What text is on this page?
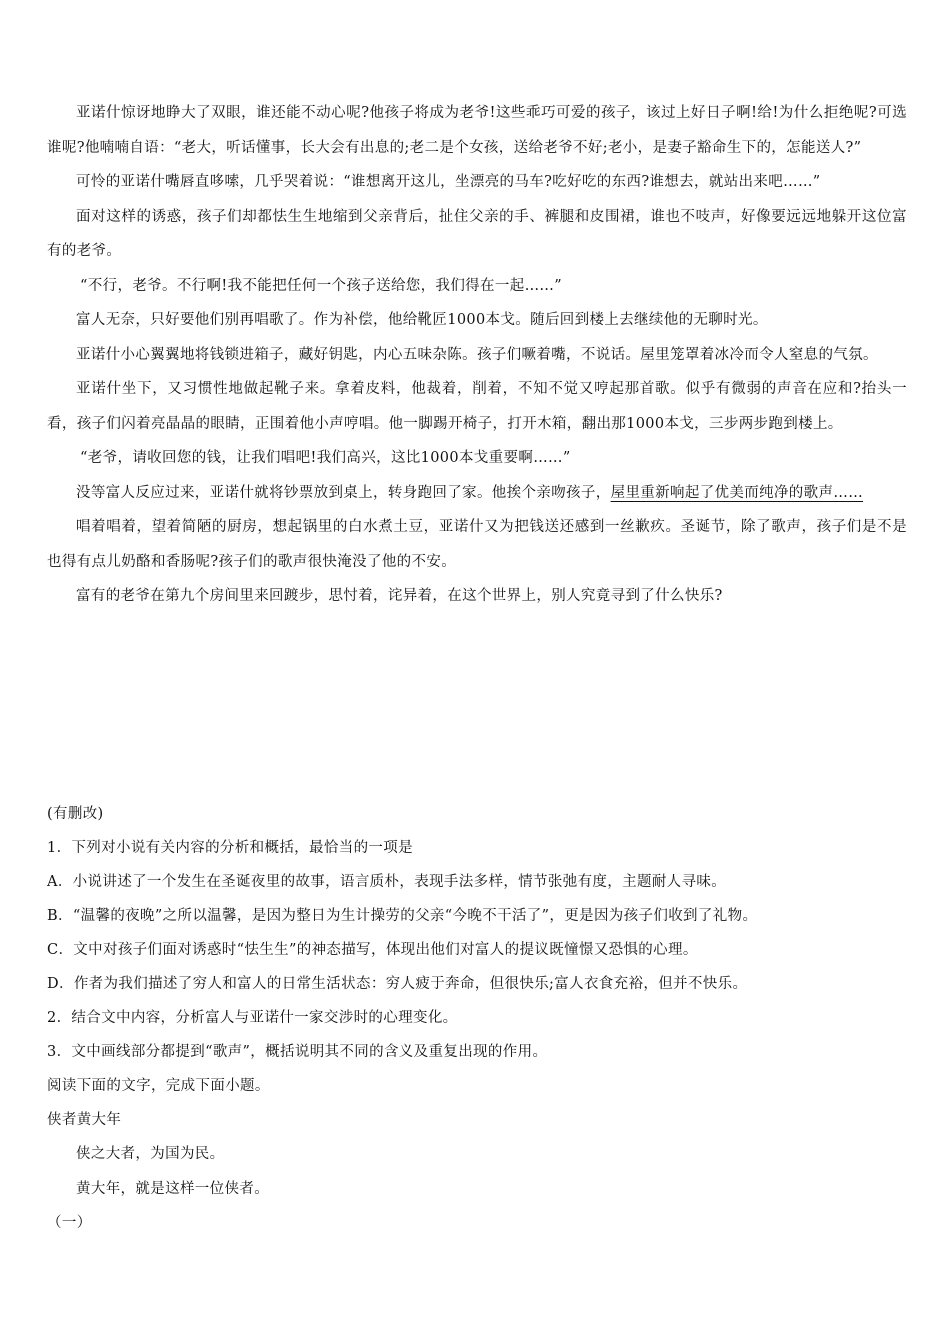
亚诺什惊讶地睁大了双眼，谁还能不动心呢?他孩子将成为老爷!这些乖巧可爱的孩子，该过上好日子啊!给!为什么拒绝呢?可选谁呢?他喃喃自语：“老大，听话懂事，长大会有出息的;老二是个女孩，送给老爷不好;老小，是妻子豁命生下的，怎能送人?”

可怜的亚诺什嘴唇直哆嗦，几乎哭着说：“谁想离开这儿，坐漂亮的马车?吃好吃的东西?谁想去，就站出来吧……”

面对这样的诱惑，孩子们却都怯生生地缩到父亲背后，扯住父亲的手、裤腿和皮围裙，谁也不吱声，好像要远远地躲开这位富有的老爷。

“不行，老爷。不行啊!我不能把任何一个孩子送给您，我们得在一起……”

富人无奈，只好要他们别再唱歌了。作为补偿，他给靴匠1000本戈。随后回到楼上去继续他的无聊时光。

亚诺什小心翼翼地将钱锁进箱子，藏好钥匙，内心五味杂陈。孩子们噘着嘴，不说话。屋里笼罩着冰冷而令人窒息的气氛。

亚诺什坐下，又习惯性地做起靴子来。拿着皮料，他裁着，削着，不知不觉又哼起那首歌。似乎有微弱的声音在应和?抬头一看，孩子们闪着亮晶晶的眼睛，正围着他小声哼唱。他一脚踢开椅子，打开木箱，翻出那1000本戈，三步两步跑到楼上。

“老爷，请收回您的钱，让我们唱吧!我们高兴，这比1000本戈重要啊……”

没等富人反应过来，亚诺什就将钞票放到桌上，转身跑回了家。他挨个亲吻孩子，屋里重新响起了优美而纯净的歌声……

唱着唱着，望着简陋的厨房，想起锅里的白水煮土豆，亚诺什又为把钱送还感到一丝歉疚。圣诞节，除了歌声，孩子们是不是也得有点儿奶酪和香肠呢?孩子们的歌声很快淹没了他的不安。

富有的老爷在第九个房间里来回踱步，思忖着，诧异着，在这个世界上，别人究竟寻到了什么快乐?

(有删改)

1．下列对小说有关内容的分析和概括，最恰当的一项是

A．小说讲述了一个发生在圣诞夜里的故事，语言质朴，表现手法多样，情节张弛有度，主题耐人寻味。

B．“温馨的夜晚”之所以温馨，是因为整日为生计操劳的父亲“今晚不干活了”，更是因为孩子们收到了礼物。

C．文中对孩子们面对诱惑时“怯生生”的神态描写，体现出他们对富人的提议既憧憬又恐惧的心理。

D．作者为我们描述了穷人和富人的日常生活状态：穷人疲于奔命，但很快乐;富人衣食充裕，但并不快乐。

2．结合文中内容，分析富人与亚诺什一家交涉时的心理变化。

3．文中画线部分都提到“歌声”，概括说明其不同的含义及重复出现的作用。

阅读下面的文字，完成下面小题。

侠者黄大年

侠之大者，为国为民。

黄大年，就是这样一位侠者。

（一）
